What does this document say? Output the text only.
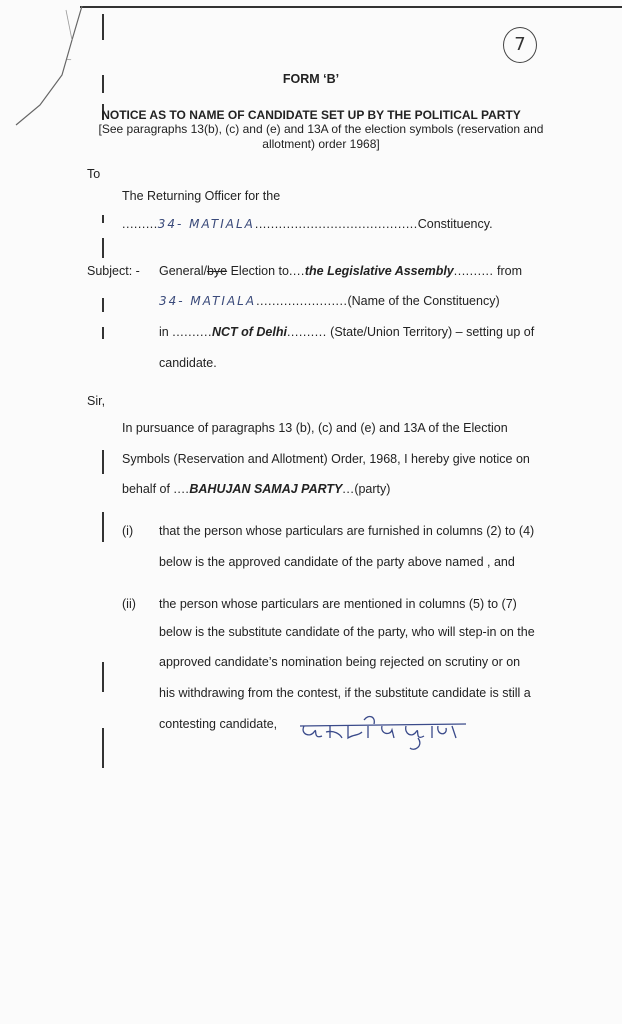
~
7
FORM ‘B’
NOTICE AS TO NAME OF CANDIDATE SET UP BY THE POLITICAL PARTY
[See paragraphs 13(b), (c) and (e) and 13A of the election symbols (reservation and
allotment) order 1968]
To
The Returning Officer for the
.........34- MATIALA.........................................Constituency.
Subject: - General/bye Election to....the Legislative Assembly.......... from
34- MATIALA.......................(Name of the Constituency)
in ..........NCT of Delhi.......... (State/Union Territory) – setting up of
candidate.
Sir,
In pursuance of paragraphs 13 (b), (c) and (e) and 13A of the Election
Symbols (Reservation and Allotment) Order, 1968, I hereby give notice on
behalf of ....BAHUJAN SAMAJ PARTY...(party)
(i) that the person whose particulars are furnished in columns (2) to (4)
below is the approved candidate of the party above named , and
(ii) the person whose particulars are mentioned in columns (5) to (7)
below is the substitute candidate of the party, who will step-in on the
approved candidate’s nomination being rejected on scrutiny or on
his withdrawing from the contest, if the substitute candidate is still a
contesting candidate,
